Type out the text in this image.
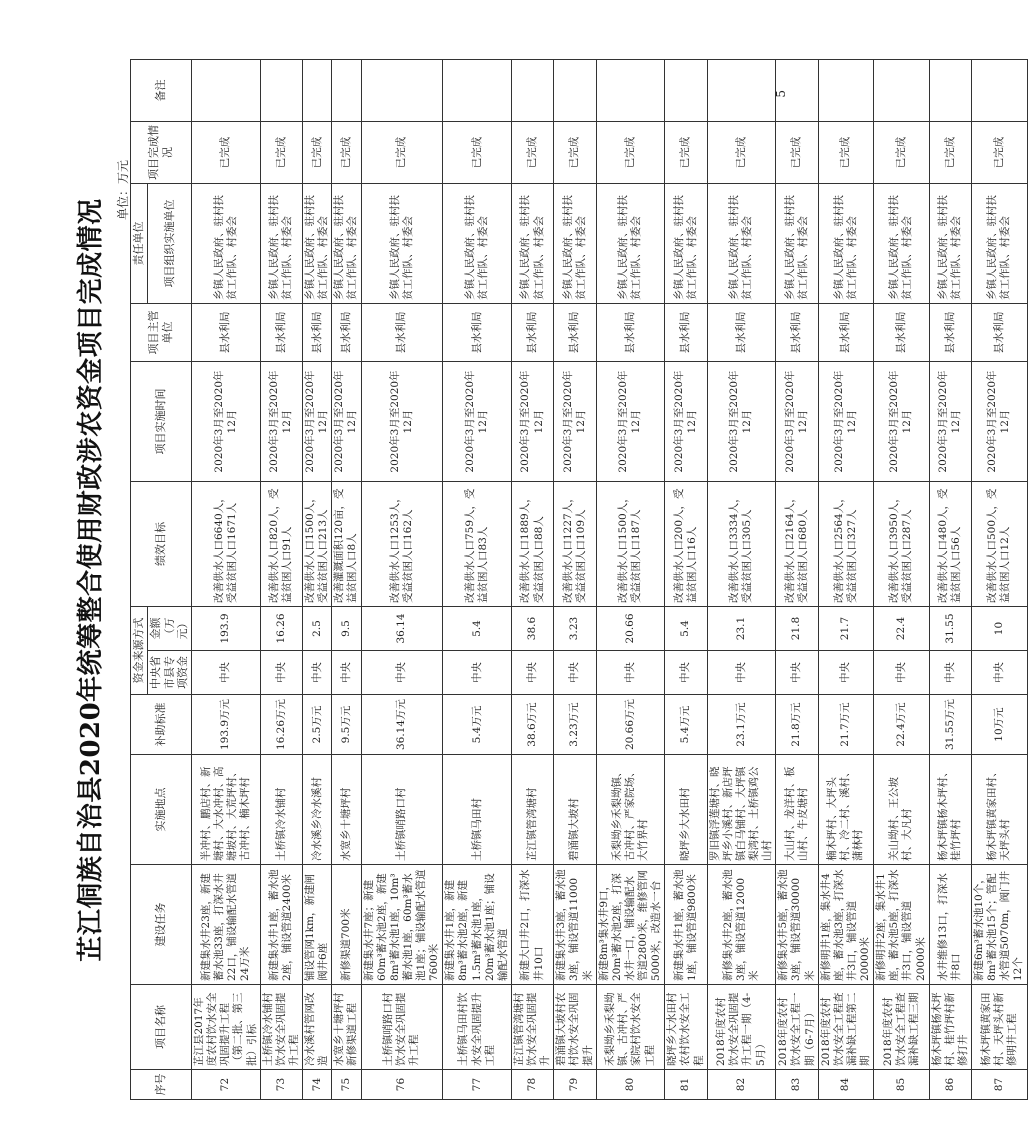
芷江侗族自治县2020年统筹整合使用财政涉农资金项目完成情况
单位：万元
序号	项目名称	建设任务	实施地点	补助标准	资金来源方式		绩效目标	项目实施时间	项目主管单位	责任单位	项目完成情况	备注
					中央省市县专项资金	金额（万元）				项目组织实施单位		
72	芷江县2017年度农村饮水安全巩固提升工程（第二批、第三批）引标	新建集水井23座，新建蓄水池33座，打深水井22口，铺设输配水管道24万米	半冲村、鹏店村、新塘村、大水冲村、高塘坡村、大荒坪村、古冲村、楠木坪村	193.9万元	中央	193.9	改善供水人口6640人，受益贫困人口1671人	2020年3月至2020年12月	县水利局	乡镇人民政府、驻村扶贫工作队、村委会	已完成	
73	土桥镇冷水铺村饮水安全巩固提升工程	新建集水井1座，蓄水池2座，铺设管道2400米	土桥镇冷水铺村	16.26万元	中央	16.26	改善供水人口820人，受益贫困人口91人	2020年3月至2020年12月	县水利局	乡镇人民政府、驻村扶贫工作队、村委会	已完成	
74	冷水溪村管网改造	铺设管网1km，新建闸阀井6座	冷水溪乡冷水溪村	2.5万元	中央	2.5	改善供水人口1500人，受益贫困人口213人	2020年3月至2020年12月	县水利局	乡镇人民政府、驻村扶贫工作队、村委会	已完成	
75	水宽乡十塘坪村新修渠道工程	新修渠道700米	水宽乡十塘坪村	9.5万元	中央	9.5	改善灌溉面积120亩，受益贫困人口8人	2020年3月至2020年12月	县水利局	乡镇人民政府、驻村扶贫工作队、村委会	已完成	
76	土桥镇哨路口村饮水安全巩固提升工程	新建集水井7座；新建60m³蓄水池2座，新建8m³蓄水池1座，10m³蓄水池1座，60m³蓄水池1座；铺设输配水管道7600米	土桥镇哨路口村	36.14万元	中央	36.14	改善供水人口1253人，受益贫困人口162人	2020年3月至2020年12月	县水利局	乡镇人民政府、驻村扶贫工作队、村委会	已完成	
77	土桥镇马田村饮水安全巩固提升工程	新建集水井1座，新建8m³蓄水池2座，新建1.5m³蓄水池1座，20m³蓄水池1座；铺设输配水管道	土桥镇马田村	5.4万元	中央	5.4	改善供水人口759人，受益贫困人口83人	2020年3月至2020年12月	县水利局	乡镇人民政府、驻村扶贫工作队、村委会	已完成	
78	芷江镇管湾塘村饮水安全巩固提升	新建大口井2口，打深水井10口	芷江镇管湾塘村	38.6万元	中央	38.6	改善供水人口1889人，受益贫困人口88人	2020年3月至2020年12月	县水利局	乡镇人民政府、驻村扶贫工作队、村委会	已完成	
79	碧涌镇大坡村农村饮水安全巩固提升	新建集水井3座，蓄水池3座，铺设管道11000米	碧涌镇大坡村	3.23万元	中央	3.23	改善供水人口1227人，受益贫困人口109人	2020年3月至2020年12月	县水利局	乡镇人民政府、驻村扶贫工作队、村委会	已完成	
80	禾梨坳乡禾梨坳镇、古冲村、严家院村饮水安全工程	新建8m³集水井9口，20m³蓄水池2座，打深水井一口，铺设输配水管道2800米，维修管网5000米，改造水一台	禾梨坳乡禾梨坳镇、古冲村、严家院场、大竹界村	20.66万元	中央	20.66	改善供水人口1500人，受益贫困人口187人	2020年3月至2020年12月	县水利局	乡镇人民政府、驻村扶贫工作队、村委会	已完成	
81	晓坪乡大水田村农村饮水安全工程	新建集水井1座，蓄水池1座，铺设管道9800米	晓坪乡大水田村	5.4万元	中央	5.4	改善供水人口200人，受益贫困人口16人	2020年3月至2020年12月	县水利局	乡镇人民政府、驻村扶贫工作队、村委会	已完成	
82	2018年度农村饮水安全巩固提升工程一期（4-5月）	新修集水井2座，蓄水池3座，铺设管道12000米	罗旧镇浮莲塘村、晓坪乡小溪村、新店坪镇白马铺村、大坪镇梨湾村、土桥镇鸡公山村	23.1万元	中央	23.1	改善供水人口3334人，受益贫困人口305人	2020年3月至2020年12月	县水利局	乡镇人民政府、驻村扶贫工作队、村委会	已完成	
83	2018年度农村饮水安全工程一期（6-7月）	新修集水井5座，蓄水池3座，铺设管道30000米	大山村、龙洋村、板山村、牛皮塘村	21.8万元	中央	21.8	改善供水人口2164人，受益贫困人口680人	2020年3月至2020年12月	县水利局	乡镇人民政府、驻村扶贫工作队、村委会	已完成	
84	2018年度农村饮水安全工程查漏补缺工程第二期	新修明井1座，集水井4座，蓄水池3座，打深水井3口，铺设管道20000米	楠木坪村、大坪头村、冷二村、溪村、蒲林村	21.7万元	中央	21.7	改善供水人口2564人，受益贫困人口327人	2020年3月至2020年12月	县水利局	乡镇人民政府、驻村扶贫工作队、村委会	已完成	
85	2018年度农村饮水安全工程查漏补缺工程三期	新修明井2座，集水井1座，蓄水池5座，打深水井3口，铺设管道20000米	关山坳村、王公坡村、大凡村	22.4万元	中央	22.4	改善供水人口3950人，受益贫困人口287人	2020年3月至2020年12月	县水利局	乡镇人民政府、驻村扶贫工作队、村委会	已完成	
86	杨木坪镇杨木坪村、桂竹坪村新修打井	水井维修13口，打深水井8口	杨木坪镇杨木坪村、桂竹坪村	31.55万元	中央	31.55	改善供水人口480人，受益贫困人口56人	2020年3月至2020年12月	县水利局	乡镇人民政府、驻村扶贫工作队、村委会	已完成	
87	杨木坪镇黄家田村、天坪头村新修明井工程	新建6m³蓄水池10个，8m³蓄水池15个；管配水管道5070m，阀门井12个	杨木坪镇黄家田村、天坪头村	10万元	中央	10	改善供水人口500人，受益贫困人口12人	2020年3月至2020年12月	县水利局	乡镇人民政府、驻村扶贫工作队、村委会	已完成	
5
